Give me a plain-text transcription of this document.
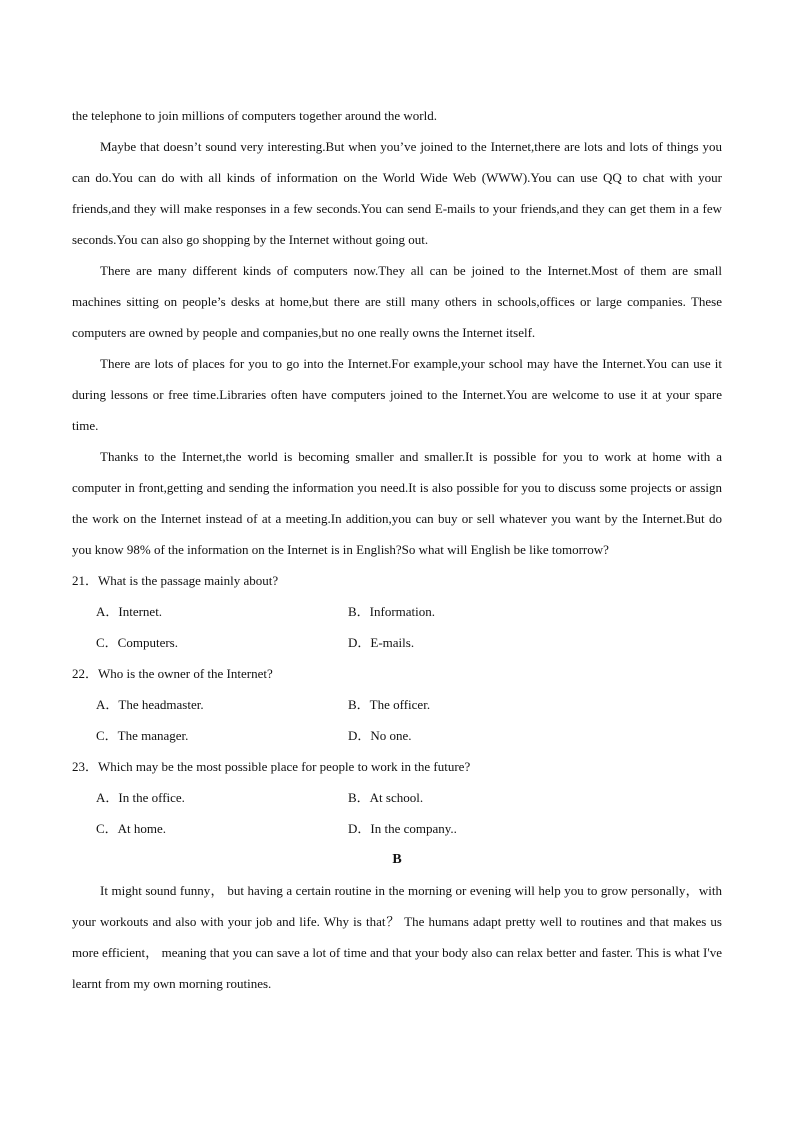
the telephone to join millions of computers together around the world.

Maybe that doesn’t sound very interesting.But when you’ve joined to the Internet,there are lots and lots of things you can do.You can do with all kinds of information on the World Wide Web (WWW).You can use QQ to chat with your friends,and they will make responses in a few seconds.You can send E-mails to your friends,and they can get them in a few seconds.You can also go shopping by the Internet without going out.

There are many different kinds of computers now.They all can be joined to the Internet.Most of them are small machines sitting on people’s desks at home,but there are still many others in schools,offices or large companies. These computers are owned by people and companies,but no one really owns the Internet itself.

There are lots of places for you to go into the Internet.For example,your school may have the Internet.You can use it during lessons or free time.Libraries often have computers joined to the Internet.You are welcome to use it at your spare time.

Thanks to the Internet,the world is becoming smaller and smaller.It is possible for you to work at home with a computer in front,getting and sending the information you need.It is also possible for you to discuss some projects or assign the work on the Internet instead of at a meeting.In addition,you can buy or sell whatever you want by the Internet.But do you know 98% of the information on the Internet is in English?So what will English be like tomorrow?

21．What is the passage mainly about?

A．Internet.	B．Information.
C．Computers.	D．E-mails.

22．Who is the owner of the Internet?

A．The headmaster.	B．The officer.
C．The manager.	D．No one.

23．Which may be the most possible place for people to work in the future?

A．In the office.	B．At school.
C．At home.	D．In the company..

B

It might sound funny， but having a certain routine in the morning or evening will help you to grow personally，with your workouts and also with your job and life. Why is that？ The humans adapt pretty well to routines and that makes us more efficient， meaning that you can save a lot of time and that your body also can relax better and faster. This is what I've learnt from my own morning routines.
